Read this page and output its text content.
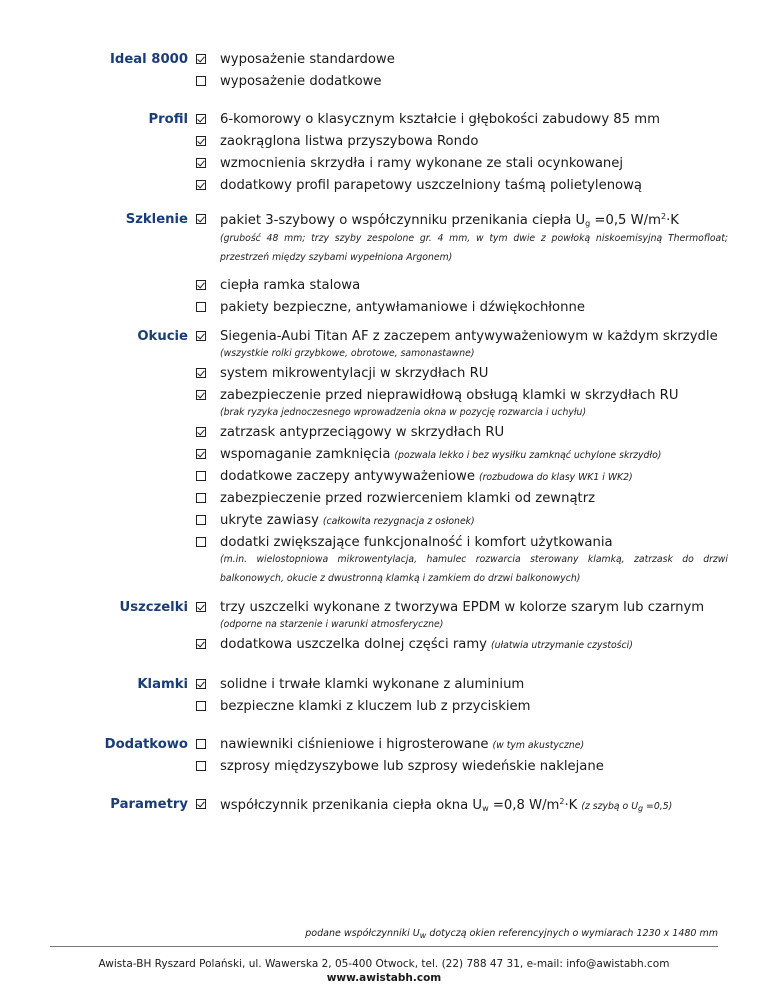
Ideal 8000 wyposażenie standardowe
wyposażenie dodatkowe
Profil 6-komorowy o klasycznym kształcie i głębokości zabudowy 85 mm
zaokrąglona listwa przyszybowa Rondo
wzmocnienia skrzydła i ramy wykonane ze stali ocynkowanej
dodatkowy profil parapetowy uszczelniony taśmą polietylenową
Szklenie pakiet 3-szybowy o współczynniku przenikania ciepła $U_g =0,5$ $W/m^2\cdot K$
(grubość 48 mm; trzy szyby zespolone gr. 4 mm, w tym dwie z powłoką niskoemisyjną Thermofloat; przestrzeń między szybami wypełniona Argonem)
ciepła ramka stalowa
pakiety bezpieczne, antywłamaniowe i dźwiękochłonne
Okucie Siegenia-Aubi Titan AF z zaczepem antywyważeniowym w każdym skrzydle
(wszystkie rolki grzybkowe, obrotowe, samonastawne)
system mikrowentylacji w skrzydłach RU
zabezpieczenie przed nieprawidłową obsługą klamki w skrzydłach RU
(brak ryzyka jednoczesnego wprowadzenia okna w pozycję rozwarcia i uchyłu)
zatrzask antyprzeciągowy w skrzydłach RU
wspomaganie zamknięcia (pozwala lekko i bez wysiłku zamknąć uchylone skrzydło)
dodatkowe zaczepy antywyważeniowe (rozbudowa do klasy WK1 i WK2)
zabezpieczenie przed rozwierceniem klamki od zewnątrz
ukryte zawiasy (całkowita rezygnacja z osłonek)
dodatki zwiększające funkcjonalność i komfort użytkowania
(m.in. wielostopniowa mikrowentylacja, hamulec rozwarcia sterowany klamką, zatrzask do drzwi balkonowych, okucie z dwustronną klamką i zamkiem do drzwi balkonowych)
Uszczelki trzy uszczelki wykonane z tworzywa EPDM w kolorze szarym lub czarnym
(odporne na starzenie i warunki atmosferyczne)
dodatkowa uszczelka dolnej części ramy (ułatwia utrzymanie czystości)
Klamki solidne i trwałe klamki wykonane z aluminium
bezpieczne klamki z kluczem lub z przyciskiem
Dodatkowo nawiewniki ciśnieniowe i higrosterowane (w tym akustyczne)
szprosy międzyszybowe lub szprosy wiedeńskie naklejane
Parametry współczynnik przenikania ciepła okna $U_w =0,8$ $W/m^2\cdot K$ (z szybą o $U_g =0,5$)
podane współczynniki $U_w$ dotyczą okien referencyjnych o wymiarach 1230 x 1480 mm
Awista-BH Ryszard Polański, ul. Wawerska 2, 05-400 Otwock, tel. (22) 788 47 31, e-mail: info@awistabh.com
www.awistabh.com
